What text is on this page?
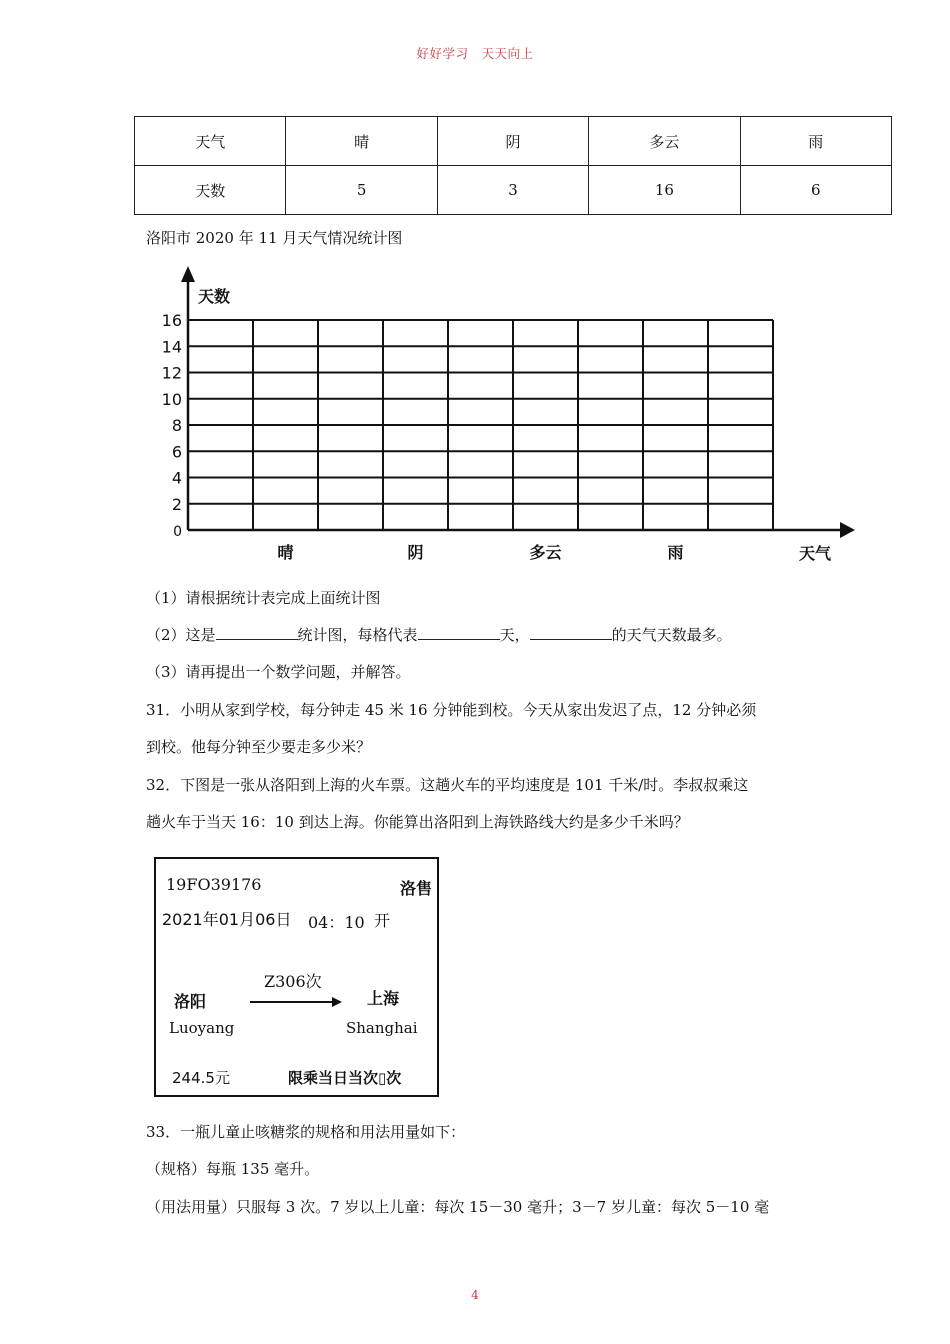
好好学习　天天向上
天气	晴	阴	多云	雨
天数	5	3	16	6
洛阳市 2020 年 11 月天气情况统计图
0
2
4
6
8
10
12
14
16
天数
天气
晴	阴	多云	雨
（1）请根据统计表完成上面统计图
（2）这是	统计图，每格代表	天，	的天气天数最多。
（3）请再提出一个数学问题，并解答。
31．小明从家到学校，每分钟走 45 米 16 分钟能到校。今天从家出发迟了点，12 分钟必须
到校。他每分钟至少要走多少米？
32．下图是一张从洛阳到上海的火车票。这趟火车的平均速度是 101 千米/时。李叔叔乘这
趟火车于当天 16：10 到达上海。你能算出洛阳到上海铁路线大约是多少千米吗？
19FO39176	洛售
2021年01月06日 04：10 开
Z306次
洛阳
Luoyang
上海
Shanghai
244.5元	限乘当日当次▯次
33．一瓶儿童止咳糖浆的规格和用法用量如下：
（规格）每瓶 135 毫升。
（用法用量）只服每 3 次。7 岁以上儿童：每次 15－30 毫升；3－7 岁儿童：每次 5－10 毫
4
